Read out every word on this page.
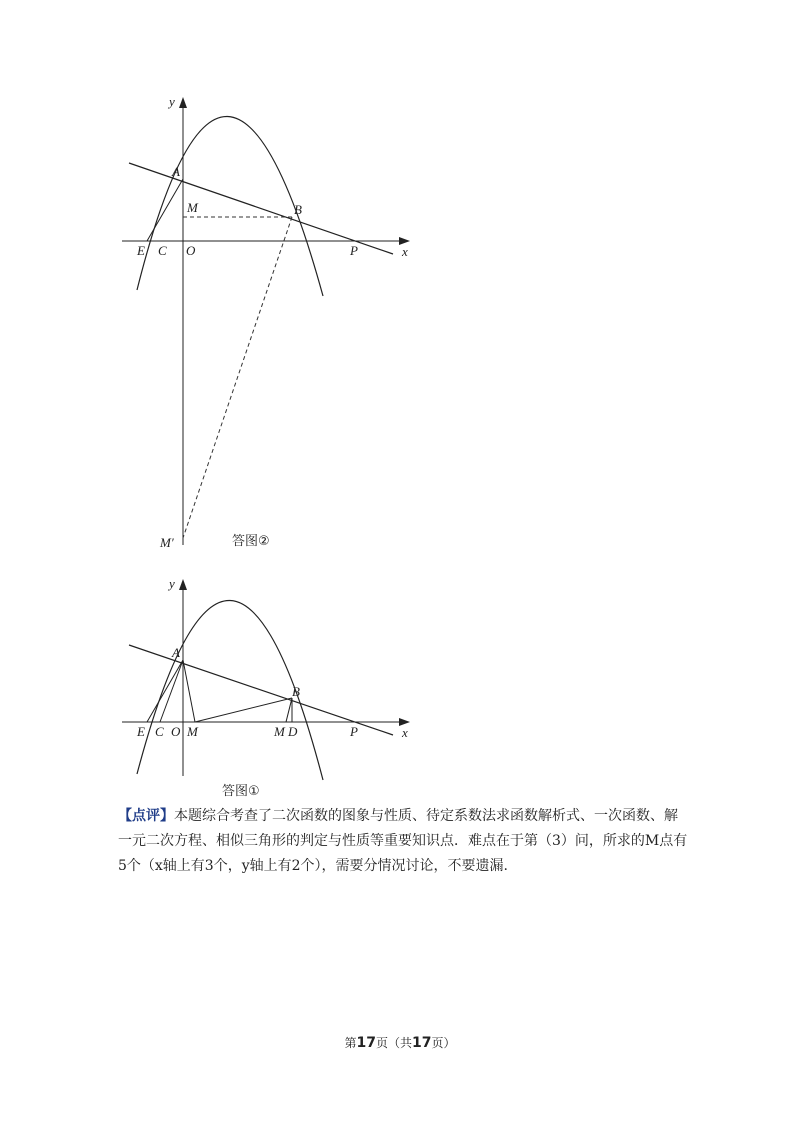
y
x
A
B
M
E C O	P
M′	答图②
y
x
A
B
E C O M	M D	P
答图①

【点评】本题综合考查了二次函数的图象与性质、待定系数法求函数解析式、一次函数、解一元二次方程、相似三角形的判定与性质等重要知识点．难点在于第（3）问，所求的M点有5个（x轴上有3个，y轴上有2个），需要分情况讨论，不要遗漏.

第17页（共17页）
